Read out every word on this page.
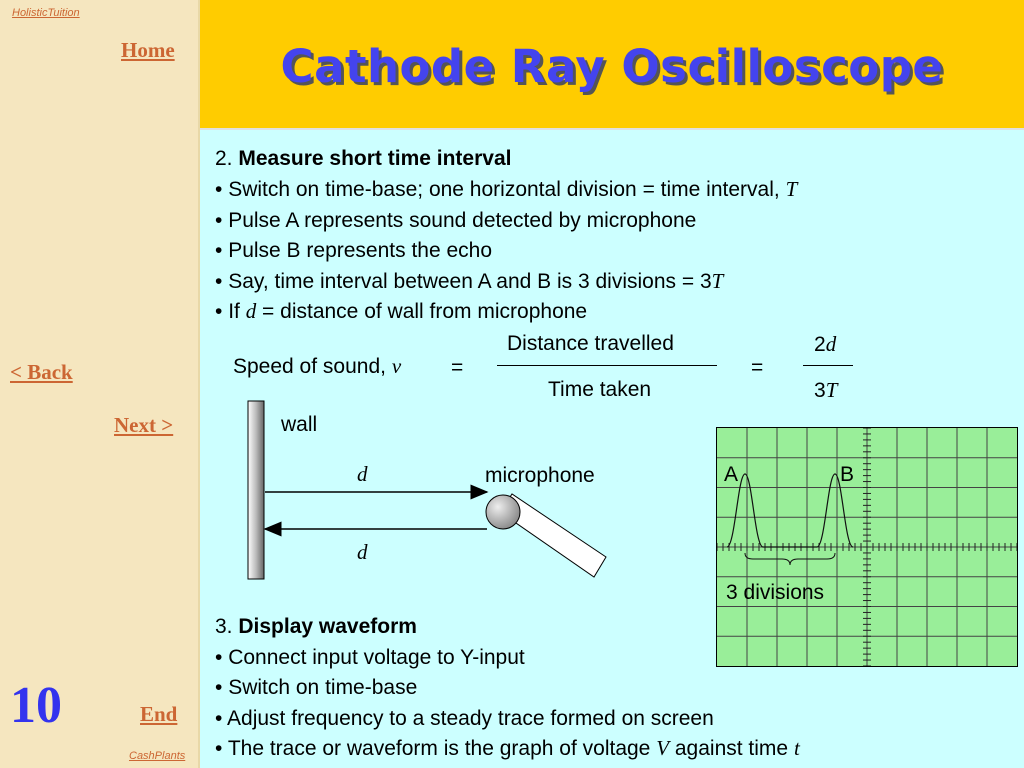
HolisticTuition
Home
< Back
Next >
10	End
CashPlants
Cathode Ray Oscilloscope
2. Measure short time interval
• Switch on time-base; one horizontal division = time interval, T
• Pulse A represents sound detected by microphone
• Pulse B represents the echo
• Say, time interval between A and B is 3 divisions = 3T
• If d = distance of wall from microphone
Speed of sound, v =
Distance travelled
Time taken
=
2d
3T
wall
d
d
microphone	A	B
3 divisions
3. Display waveform
• Connect input voltage to Y-input
• Switch on time-base
• Adjust frequency to a steady trace formed on screen
• The trace or waveform is the graph of voltage V against time t
